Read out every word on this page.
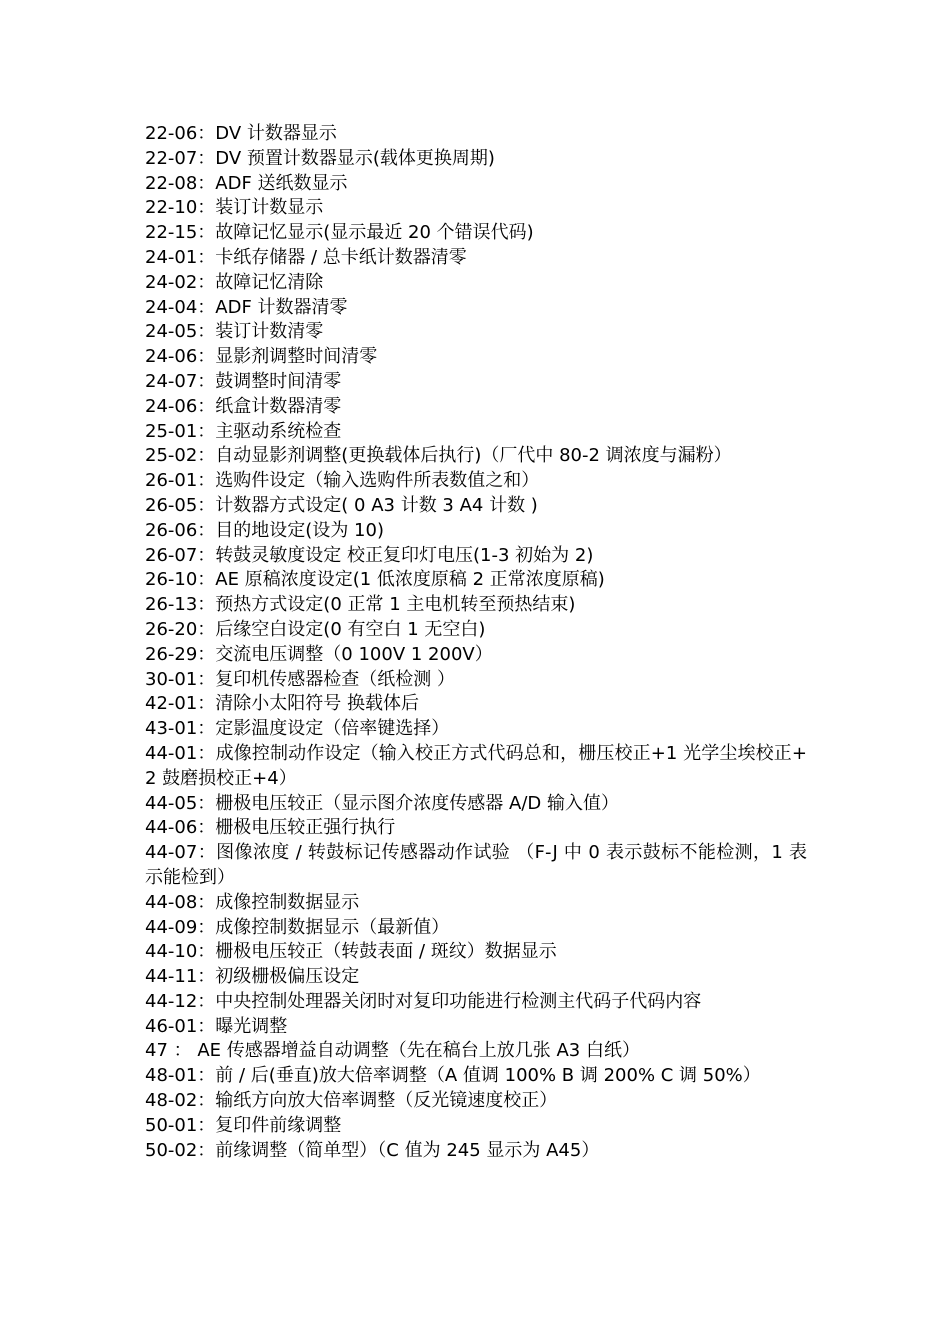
22-06：DV 计数器显示

22-07：DV 预置计数器显示(载体更换周期)

22-08：ADF 送纸数显示

22-10：装订计数显示

22-15：故障记忆显示(显示最近 20 个错误代码)

24-01：卡纸存储器 / 总卡纸计数器清零

24-02：故障记忆清除

24-04：ADF 计数器清零

24-05：装订计数清零

24-06：显影剂调整时间清零

24-07：鼓调整时间清零

24-06：纸盒计数器清零

25-01：主驱动系统检查

25-02：自动显影剂调整(更换载体后执行)（厂代中 80-2 调浓度与漏粉）

26-01：选购件设定（输入选购件所表数值之和）

26-05：计数器方式设定( 0 A3 计数 3 A4 计数 )

26-06：目的地设定(设为 10)

26-07：转鼓灵敏度设定 校正复印灯电压(1-3 初始为 2)

26-10：AE 原稿浓度设定(1 低浓度原稿 2 正常浓度原稿)

26-13：预热方式设定(0 正常 1 主电机转至预热结束)

26-20：后缘空白设定(0 有空白 1 无空白)

26-29：交流电压调整（0 100V 1 200V）

30-01：复印机传感器检查（纸检测 ）

42-01：清除小太阳符号 换载体后

43-01：定影温度设定（倍率键选择）

44-01：成像控制动作设定（输入校正方式代码总和，栅压校正+1 光学尘埃校正+2 鼓磨损校正+4）

44-05：栅极电压较正（显示图介浓度传感器 A/D 输入值）

44-06：栅极电压较正强行执行

44-07：图像浓度 / 转鼓标记传感器动作试验 （F-J 中 0 表示鼓标不能检测，1 表示能检到）

44-08：成像控制数据显示

44-09：成像控制数据显示（最新值）

44-10：栅极电压较正（转鼓表面 / 斑纹）数据显示

44-11：初级栅极偏压设定

44-12：中央控制处理器关闭时对复印功能进行检测主代码子代码内容

46-01：曝光调整

47 ： AE 传感器增益自动调整（先在稿台上放几张 A3 白纸）

48-01：前 / 后(垂直)放大倍率调整（A 值调 100% B 调 200% C 调 50%）

48-02：输纸方向放大倍率调整（反光镜速度校正）

50-01：复印件前缘调整

50-02：前缘调整（简单型）（C 值为 245 显示为 A45）
